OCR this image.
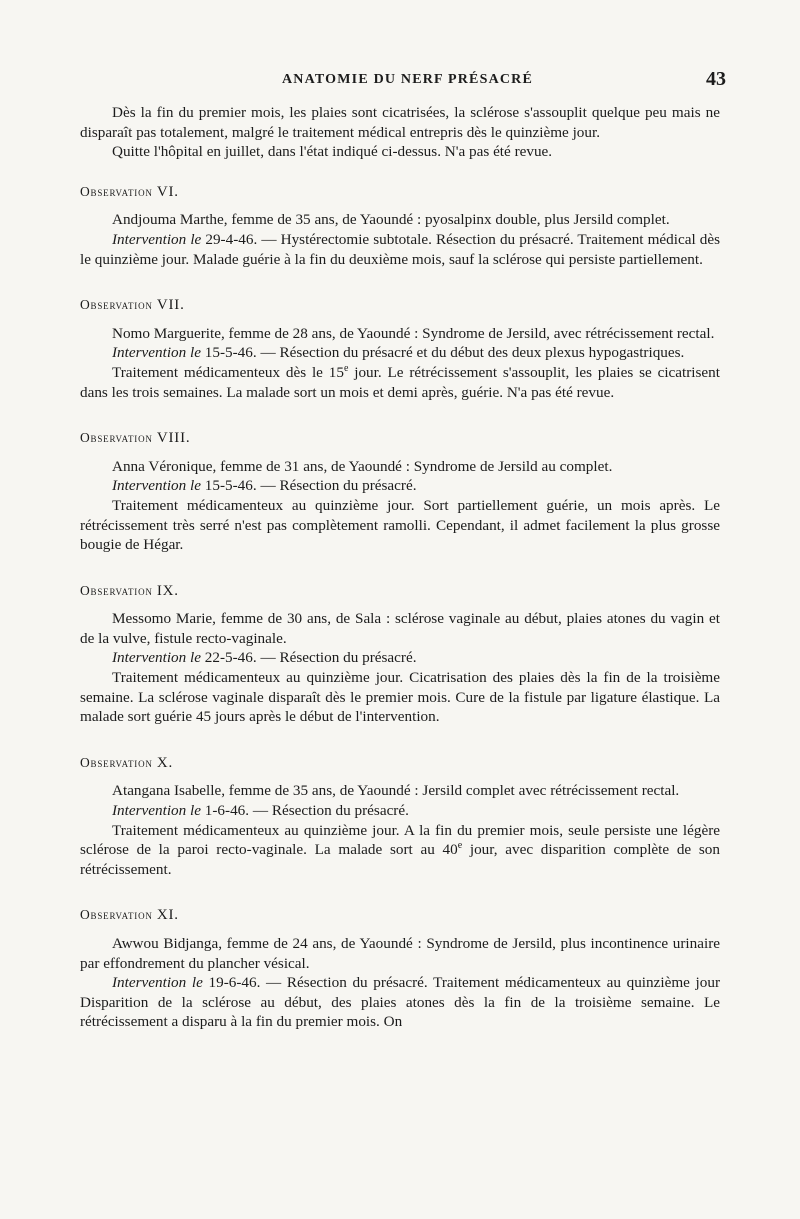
ANATOMIE DU NERF PRÉSACRÉ	43

Dès la fin du premier mois, les plaies sont cicatrisées, la sclérose s'assouplit quelque peu mais ne disparaît pas totalement, malgré le traitement médical entrepris dès le quinzième jour.

Quitte l'hôpital en juillet, dans l'état indiqué ci-dessus. N'a pas été revue.

Observation VI.

Andjouma Marthe, femme de 35 ans, de Yaoundé : pyosalpinx double, plus Jersild complet.

Intervention le 29-4-46. — Hystérectomie subtotale. Résection du présacré. Traitement médical dès le quinzième jour. Malade guérie à la fin du deuxième mois, sauf la sclérose qui persiste partiellement.

Observation VII.

Nomo Marguerite, femme de 28 ans, de Yaoundé : Syndrome de Jersild, avec rétrécissement rectal.

Intervention le 15-5-46. — Résection du présacré et du début des deux plexus hypogastriques.

Traitement médicamenteux dès le 15e jour. Le rétrécissement s'assouplit, les plaies se cicatrisent dans les trois semaines. La malade sort un mois et demi après, guérie. N'a pas été revue.

Observation VIII.

Anna Véronique, femme de 31 ans, de Yaoundé : Syndrome de Jersild au complet.

Intervention le 15-5-46. — Résection du présacré.

Traitement médicamenteux au quinzième jour. Sort partiellement guérie, un mois après. Le rétrécissement très serré n'est pas complètement ramolli. Cependant, il admet facilement la plus grosse bougie de Hégar.

Observation IX.

Messomo Marie, femme de 30 ans, de Sala : sclérose vaginale au début, plaies atones du vagin et de la vulve, fistule recto-vaginale.

Intervention le 22-5-46. — Résection du présacré.

Traitement médicamenteux au quinzième jour. Cicatrisation des plaies dès la fin de la troisième semaine. La sclérose vaginale disparaît dès le premier mois. Cure de la fistule par ligature élastique. La malade sort guérie 45 jours après le début de l'intervention.

Observation X.

Atangana Isabelle, femme de 35 ans, de Yaoundé : Jersild complet avec rétrécissement rectal.

Intervention le 1-6-46. — Résection du présacré.

Traitement médicamenteux au quinzième jour. A la fin du premier mois, seule persiste une légère sclérose de la paroi recto-vaginale. La malade sort au 40e jour, avec disparition complète de son rétrécissement.

Observation XI.

Awwou Bidjanga, femme de 24 ans, de Yaoundé : Syndrome de Jersild, plus incontinence urinaire par effondrement du plancher vésical.

Intervention le 19-6-46. — Résection du présacré. Traitement médicamenteux au quinzième jour Disparition de la sclérose au début, des plaies atones dès la fin de la troisième semaine. Le rétrécissement a disparu à la fin du premier mois. On
